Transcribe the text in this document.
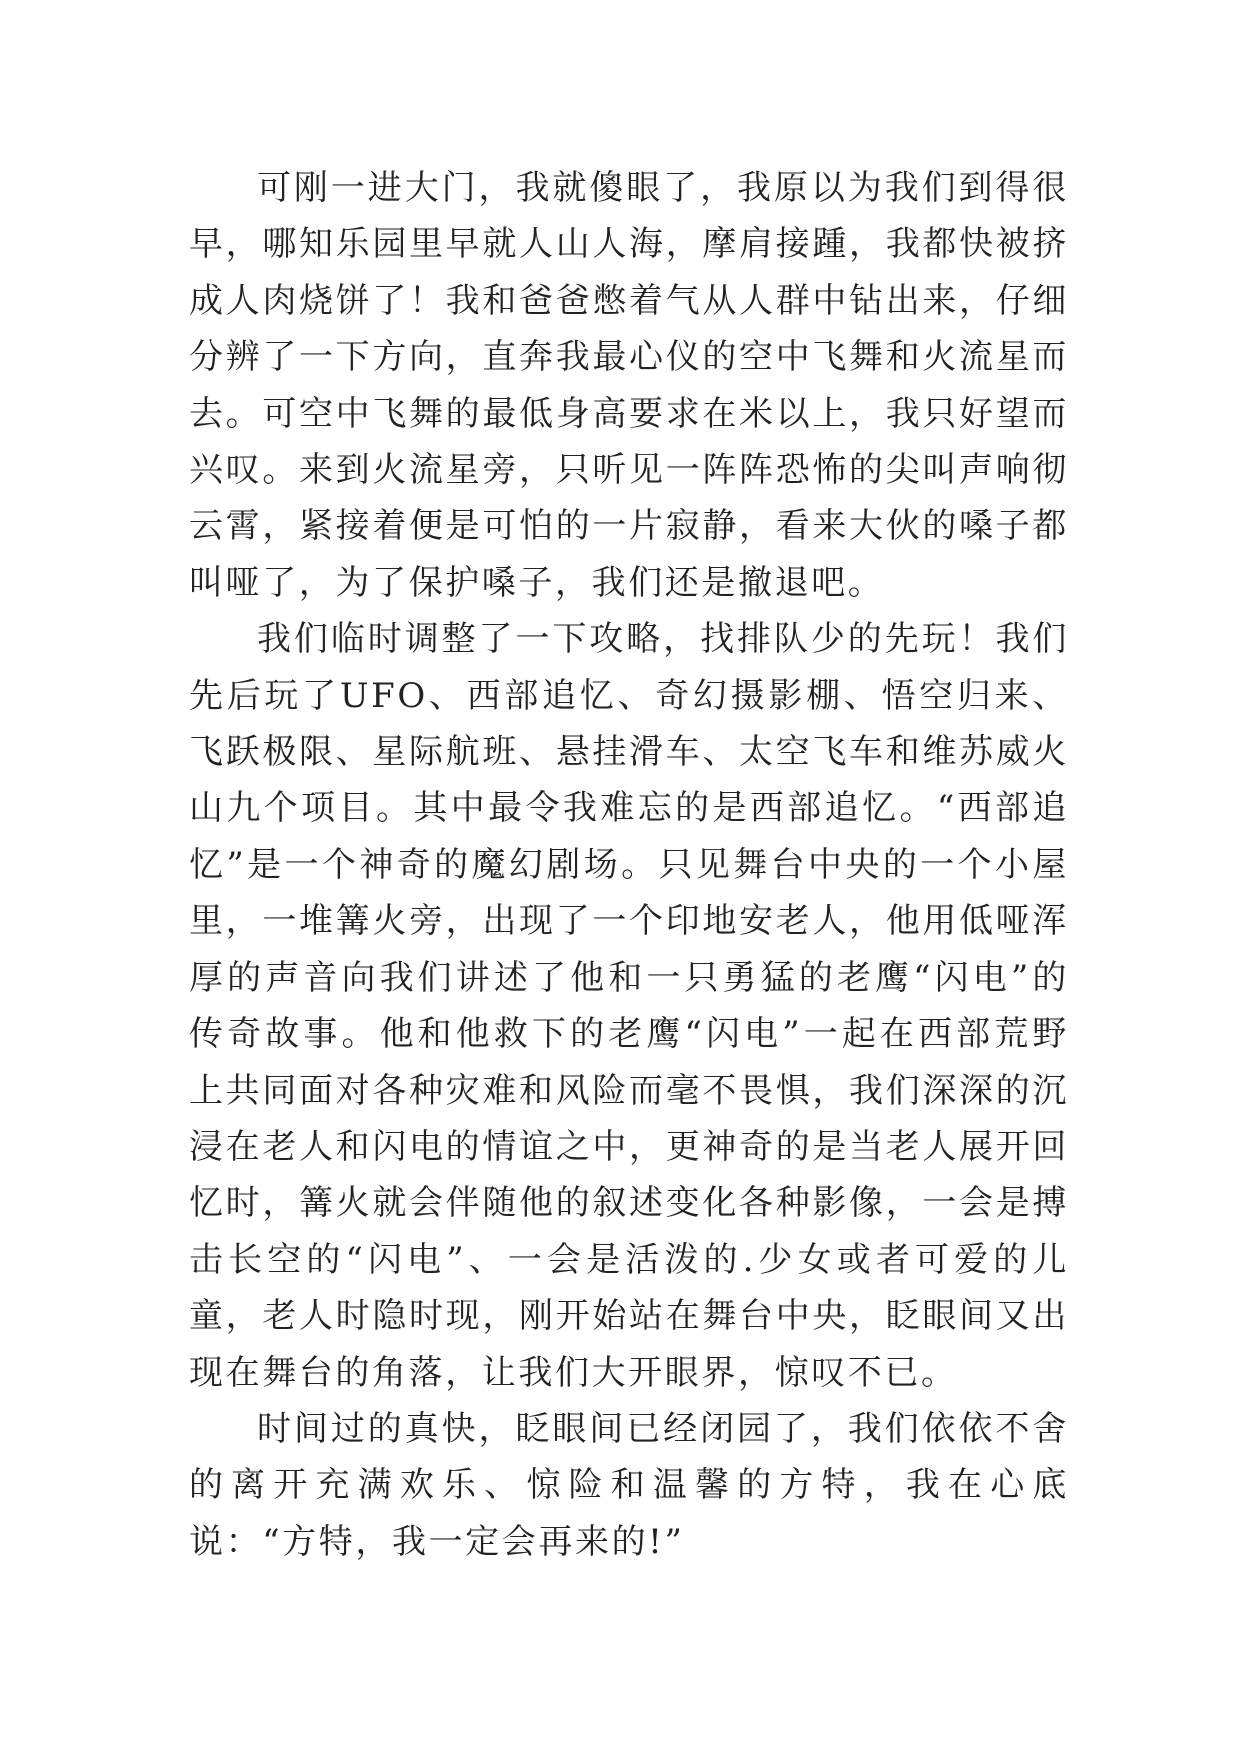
可刚一进大门，我就傻眼了，我原以为我们到得很早，哪知乐园里早就人山人海，摩肩接踵，我都快被挤成人肉烧饼了！我和爸爸憋着气从人群中钻出来，仔细分辨了一下方向，直奔我最心仪的空中飞舞和火流星而去。可空中飞舞的最低身高要求在米以上，我只好望而兴叹。来到火流星旁，只听见一阵阵恐怖的尖叫声响彻云霄，紧接着便是可怕的一片寂静，看来大伙的嗓子都叫哑了，为了保护嗓子，我们还是撤退吧。

我们临时调整了一下攻略，找排队少的先玩！我们先后玩了UFO、西部追忆、奇幻摄影棚、悟空归来、飞跃极限、星际航班、悬挂滑车、太空飞车和维苏威火山九个项目。其中最令我难忘的是西部追忆。“西部追忆”是一个神奇的魔幻剧场。只见舞台中央的一个小屋里，一堆篝火旁，出现了一个印地安老人，他用低哑浑厚的声音向我们讲述了他和一只勇猛的老鹰“闪电”的传奇故事。他和他救下的老鹰“闪电”一起在西部荒野上共同面对各种灾难和风险而毫不畏惧，我们深深的沉浸在老人和闪电的情谊之中，更神奇的是当老人展开回忆时，篝火就会伴随他的叙述变化各种影像，一会是搏击长空的“闪电”、一会是活泼的.少女或者可爱的儿童，老人时隐时现，刚开始站在舞台中央，眨眼间又出现在舞台的角落，让我们大开眼界，惊叹不已。

时间过的真快，眨眼间已经闭园了，我们依依不舍的离开充满欢乐、惊险和温馨的方特，我在心底说：“方特，我一定会再来的!”
